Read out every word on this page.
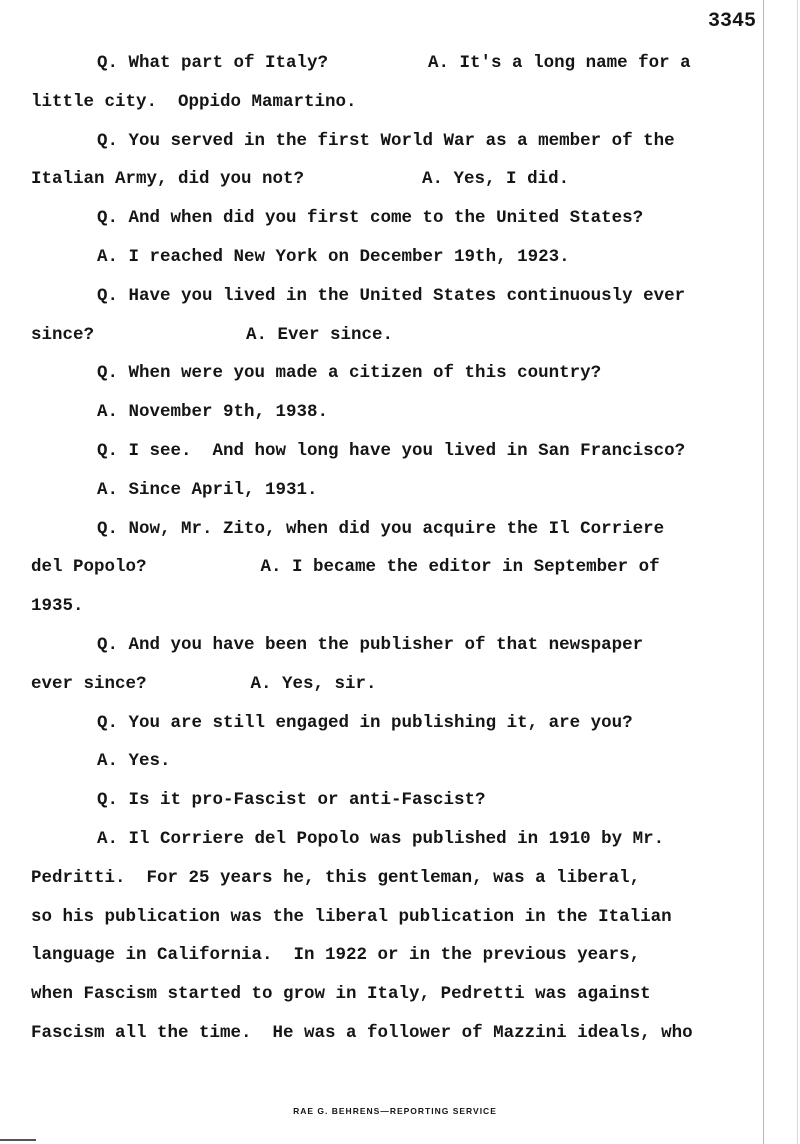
3345
Q. What part of Italy?	A. It's a long name for a
little city.  Oppido Mamartino.
Q. You served in the first World War as a member of the
Italian Army, did you not?	A. Yes, I did.
Q. And when did you first come to the United States?
A. I reached New York on December 19th, 1923.
Q. Have you lived in the United States continuously ever
since?	A. Ever since.
Q. When were you made a citizen of this country?
A. November 9th, 1938.
Q. I see.  And how long have you lived in San Francisco?
A. Since April, 1931.
Q. Now, Mr. Zito, when did you acquire the Il Corriere
del Popolo?	A. I became the editor in September of
1935.
Q. And you have been the publisher of that newspaper
ever since?	A. Yes, sir.
Q. You are still engaged in publishing it, are you?
A. Yes.
Q. Is it pro-Fascist or anti-Fascist?
A. Il Corriere del Popolo was published in 1910 by Mr.
Pedritti.  For 25 years he, this gentleman, was a liberal,
so his publication was the liberal publication in the Italian
language in California.  In 1922 or in the previous years,
when Fascism started to grow in Italy, Pedretti was against
Fascism all the time.  He was a follower of Mazzini ideals, who
RAE G. BEHRENS—REPORTING SERVICE
